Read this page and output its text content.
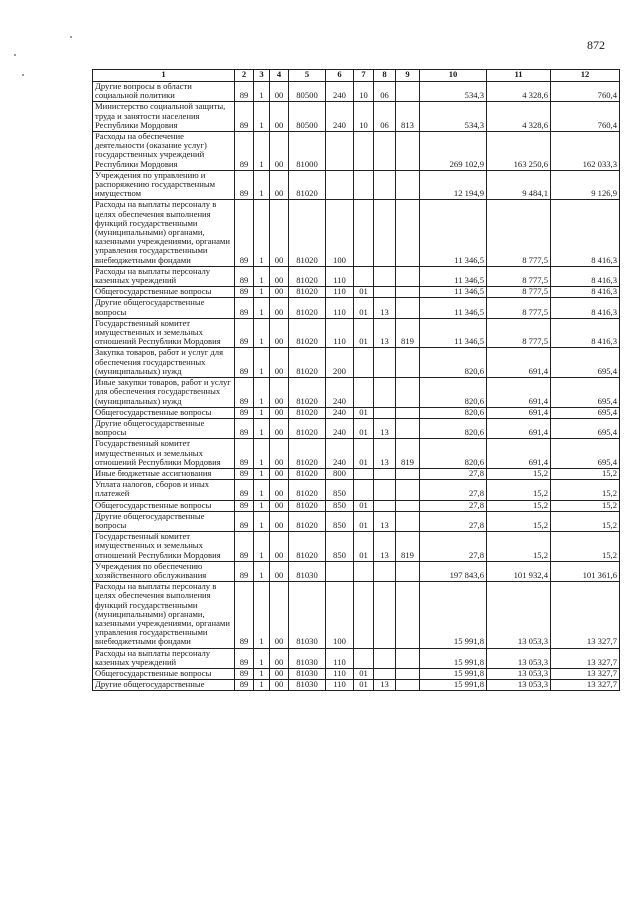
872
1	2	3	4	5	6	7	8	9	10	11	12
Другие вопросы в области социальной политики	89	1	00	80500	240	10	06		534,3	4 328,6	760,4
Министерство социальной защиты, труда и занятости населения Республики Мордовия	89	1	00	80500	240	10	06	813	534,3	4 328,6	760,4
Расходы на обеспечение деятельности (оказание услуг) государственных учреждений Республики Мордовия	89	1	00	81000					269 102,9	163 250,6	162 033,3
Учреждения по управлению и распоряжению государственным имуществом	89	1	00	81020					12 194,9	9 484,1	9 126,9
Расходы на выплаты персоналу в целях обеспечения выполнения функций государственными (муниципальными) органами, казенными учреждениями, органами управления государственными внебюджетными фондами	89	1	00	81020	100				11 346,5	8 777,5	8 416,3
Расходы на выплаты персоналу казенных учреждений	89	1	00	81020	110				11 346,5	8 777,5	8 416,3
Общегосударственные вопросы	89	1	00	81020	110	01			11 346,5	8 777,5	8 416,3
Другие общегосударственные вопросы	89	1	00	81020	110	01	13		11 346,5	8 777,5	8 416,3
Государственный комитет имущественных и земельных отношений Республики Мордовия	89	1	00	81020	110	01	13	819	11 346,5	8 777,5	8 416,3
Закупка товаров, работ и услуг для обеспечения государственных (муниципальных) нужд	89	1	00	81020	200				820,6	691,4	695,4
Иные закупки товаров, работ и услуг для обеспечения государственных (муниципальных) нужд	89	1	00	81020	240				820,6	691,4	695,4
Общегосударственные вопросы	89	1	00	81020	240	01			820,6	691,4	695,4
Другие общегосударственные вопросы	89	1	00	81020	240	01	13		820,6	691,4	695,4
Государственный комитет имущественных и земельных отношений Республики Мордовия	89	1	00	81020	240	01	13	819	820,6	691,4	695,4
Иные бюджетные ассигнования	89	1	00	81020	800				27,8	15,2	15,2
Уплата налогов, сборов и иных платежей	89	1	00	81020	850				27,8	15,2	15,2
Общегосударственные вопросы	89	1	00	81020	850	01			27,8	15,2	15,2
Другие общегосударственные вопросы	89	1	00	81020	850	01	13		27,8	15,2	15,2
Государственный комитет имущественных и земельных отношений Республики Мордовия	89	1	00	81020	850	01	13	819	27,8	15,2	15,2
Учреждения по обеспечению хозяйственного обслуживания	89	1	00	81030					197 843,6	101 932,4	101 361,6
Расходы на выплаты персоналу в целях обеспечения выполнения функций государственными (муниципальными) органами, казенными учреждениями, органами управления государственными внебюджетными фондами	89	1	00	81030	100				15 991,8	13 053,3	13 327,7
Расходы на выплаты персоналу казенных учреждений	89	1	00	81030	110				15 991,8	13 053,3	13 327,7
Общегосударственные вопросы	89	1	00	81030	110	01			15 991,8	13 053,3	13 327,7
Другие общегосударственные	89	1	00	81030	110	01	13		15 991,8	13 053,3	13 327,7
